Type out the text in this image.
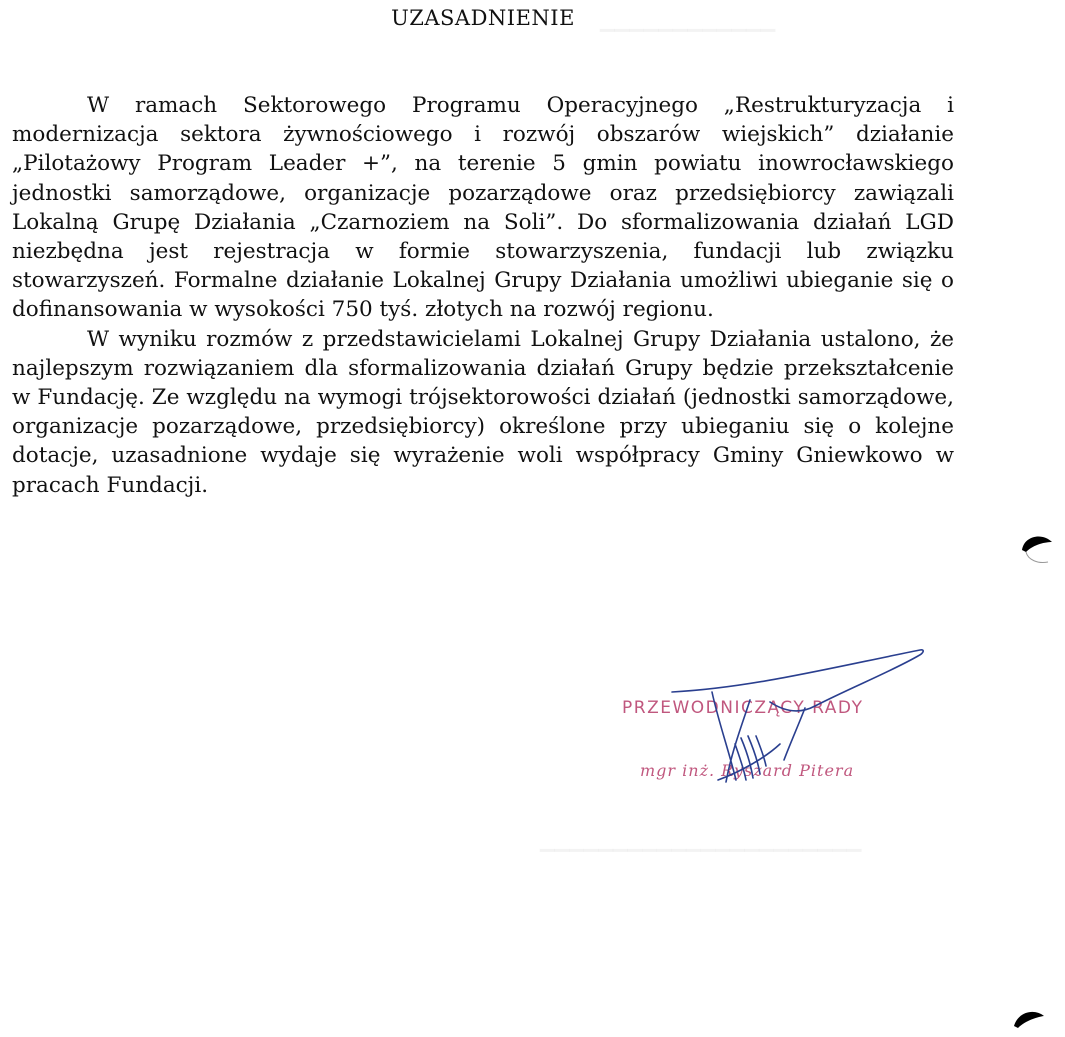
▁▁▁▁▁▁▁▁▁▁▁▁
▁▁▁▁▁▁▁▁▁▁▁▁▁▁▁▁▁▁▁▁▁▁
UZASADNIENIE

W ramach Sektorowego Programu Operacyjnego „Restrukturyzacja i modernizacja sektora żywnościowego i rozwój obszarów wiejskich” działanie „Pilotażowy Program Leader +”, na terenie 5 gmin powiatu inowrocławskiego jednostki samorządowe, organizacje pozarządowe oraz przedsiębiorcy zawiązali Lokalną Grupę Działania „Czarnoziem na Soli”. Do sformalizowania działań LGD niezbędna jest rejestracja w formie stowarzyszenia, fundacji lub związku stowarzyszeń. Formalne działanie Lokalnej Grupy Działania umożliwi ubieganie się o dofinansowania w wysokości 750 tyś. złotych na rozwój regionu.

W wyniku rozmów z przedstawicielami Lokalnej Grupy Działania ustalono, że najlepszym rozwiązaniem dla sformalizowania działań Grupy będzie przekształcenie w Fundację. Ze względu na wymogi trójsektorowości działań (jednostki samorządowe, organizacje pozarządowe, przedsiębiorcy) określone przy ubieganiu się o kolejne dotacje, uzasadnione wydaje się wyrażenie woli współpracy Gminy Gniewkowo w pracach Fundacji.

PRZEWODNICZĄCY RADY
mgr inż. Ryszard Pitera
